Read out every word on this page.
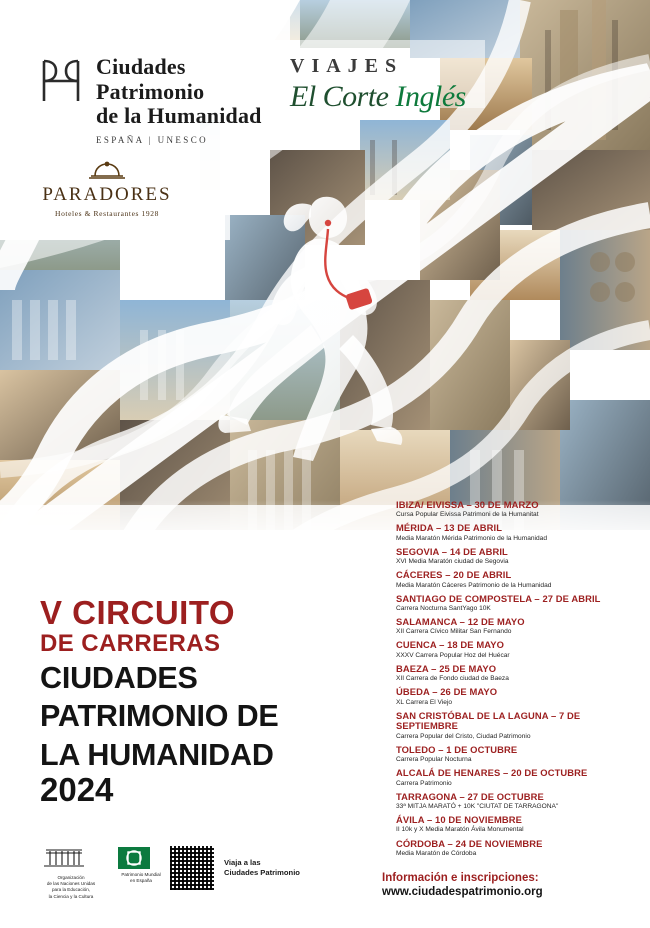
Ciudades
Patrimonio
de la Humanidad
ESPAÑA | UNESCO
VIAJES
El Corte Inglés
PARADORES
Hoteles & Restaurantes 1928
V CIRCUITO
DE CARRERAS
CIUDADES
PATRIMONIO DE
LA HUMANIDAD
2024
IBIZA/ EIVISSA – 30 DE MARZO
Cursa Popular Eivissa Patrimoni de la Humanitat
MÉRIDA – 13 DE ABRIL
Media Maratón Mérida Patrimonio de la Humanidad
SEGOVIA – 14 DE ABRIL
XVI Media Maratón ciudad de Segovia
CÁCERES – 20 DE ABRIL
Media Maratón Cáceres Patrimonio de la Humanidad
SANTIAGO DE COMPOSTELA – 27 DE ABRIL
Carrera Nocturna SantYago 10K
SALAMANCA – 12 DE MAYO
XII Carrera Cívico Militar San Fernando
CUENCA – 18 DE MAYO
XXXV Carrera Popular Hoz del Huécar
BAEZA – 25 DE MAYO
XII Carrera de Fondo ciudad de Baeza
ÚBEDA – 26 DE MAYO
XL Carrera El Viejo
SAN CRISTÓBAL DE LA LAGUNA – 7 DE SEPTIEMBRE
Carrera Popular del Cristo, Ciudad Patrimonio
TOLEDO – 1 DE OCTUBRE
Carrera Popular Nocturna
ALCALÁ DE HENARES – 20 DE OCTUBRE
Carrera Patrimonio
TARRAGONA – 27 DE OCTUBRE
33ª MITJA MARATÓ + 10K "CIUTAT DE TARRAGONA"
ÁVILA – 10 DE NOVIEMBRE
II 10k y X Media Maratón Ávila Monumental
CÓRDOBA – 24 DE NOVIEMBRE
Media Maratón de Córdoba
Organización
de las Naciones Unidas
para la Educación,
la Ciencia y la Cultura
Patrimonio Mundial
en España
Viaja a las
Ciudades Patrimonio	Información e inscripciones:
www.ciudadespatrimonio.org
